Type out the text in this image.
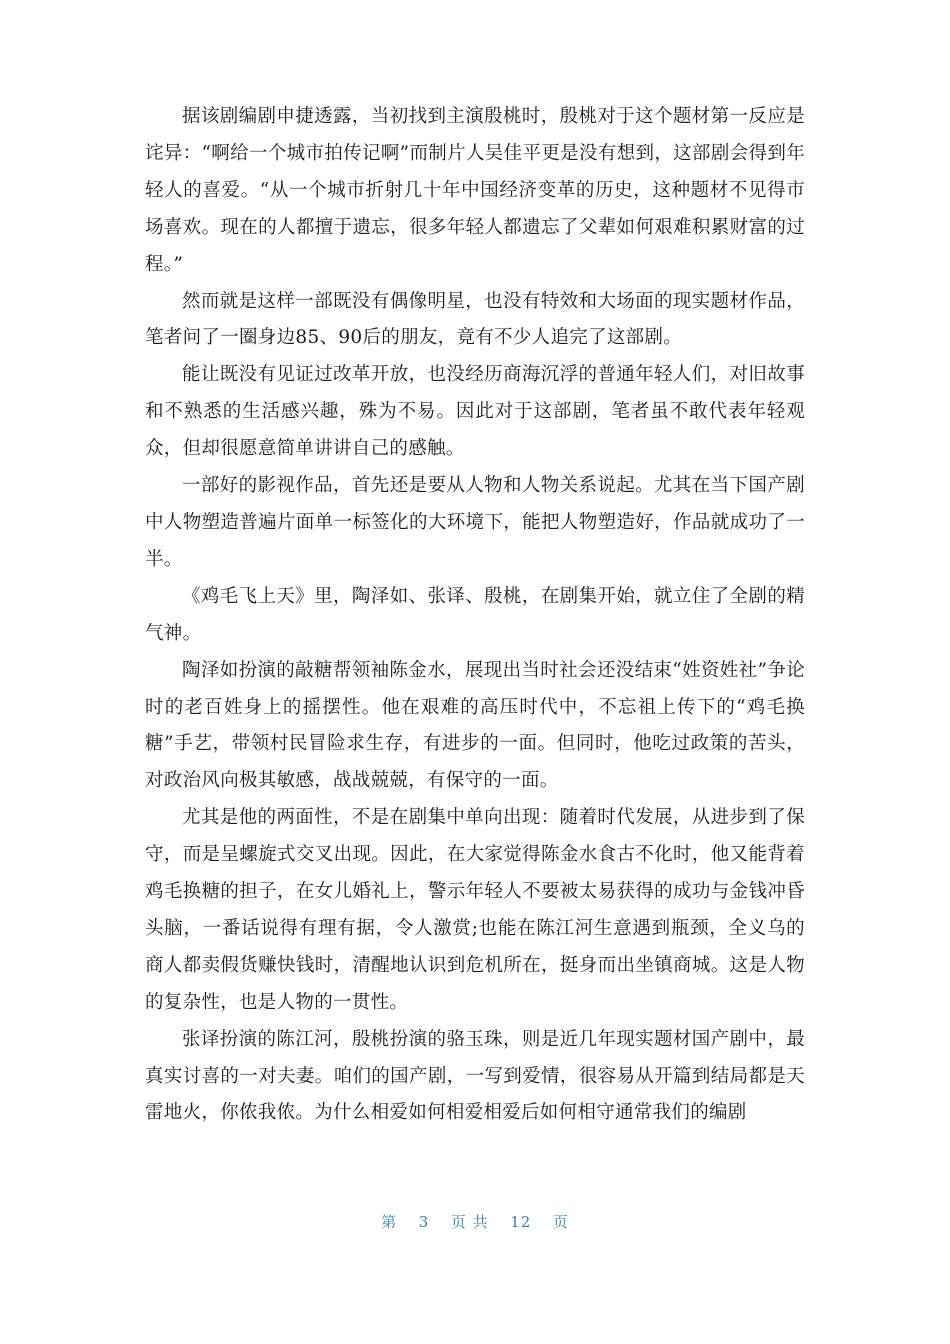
据该剧编剧申捷透露，当初找到主演殷桃时，殷桃对于这个题材第一反应是诧异：“啊给一个城市拍传记啊”而制片人吴佳平更是没有想到，这部剧会得到年轻人的喜爱。“从一个城市折射几十年中国经济变革的历史，这种题材不见得市场喜欢。现在的人都擅于遗忘，很多年轻人都遗忘了父辈如何艰难积累财富的过程。”

然而就是这样一部既没有偶像明星，也没有特效和大场面的现实题材作品，笔者问了一圈身边85、90后的朋友，竟有不少人追完了这部剧。

能让既没有见证过改革开放，也没经历商海沉浮的普通年轻人们，对旧故事和不熟悉的生活感兴趣，殊为不易。因此对于这部剧，笔者虽不敢代表年轻观众，但却很愿意简单讲讲自己的感触。

一部好的影视作品，首先还是要从人物和人物关系说起。尤其在当下国产剧中人物塑造普遍片面单一标签化的大环境下，能把人物塑造好，作品就成功了一半。

《鸡毛飞上天》里，陶泽如、张译、殷桃，在剧集开始，就立住了全剧的精气神。

陶泽如扮演的敲糖帮领袖陈金水，展现出当时社会还没结束“姓资姓社”争论时的老百姓身上的摇摆性。他在艰难的高压时代中，不忘祖上传下的“鸡毛换糖”手艺，带领村民冒险求生存，有进步的一面。但同时，他吃过政策的苦头，对政治风向极其敏感，战战兢兢，有保守的一面。

尤其是他的两面性，不是在剧集中单向出现：随着时代发展，从进步到了保守，而是呈螺旋式交叉出现。因此，在大家觉得陈金水食古不化时，他又能背着鸡毛换糖的担子，在女儿婚礼上，警示年轻人不要被太易获得的成功与金钱冲昏头脑，一番话说得有理有据，令人激赏;也能在陈江河生意遇到瓶颈，全义乌的商人都卖假货赚快钱时，清醒地认识到危机所在，挺身而出坐镇商城。这是人物的复杂性，也是人物的一贯性。

张译扮演的陈江河，殷桃扮演的骆玉珠，则是近几年现实题材国产剧中，最真实讨喜的一对夫妻。咱们的国产剧，一写到爱情，很容易从开篇到结局都是天雷地火，你侬我侬。为什么相爱如何相爱相爱后如何相守通常我们的编剧

第 3 页 共 12 页
